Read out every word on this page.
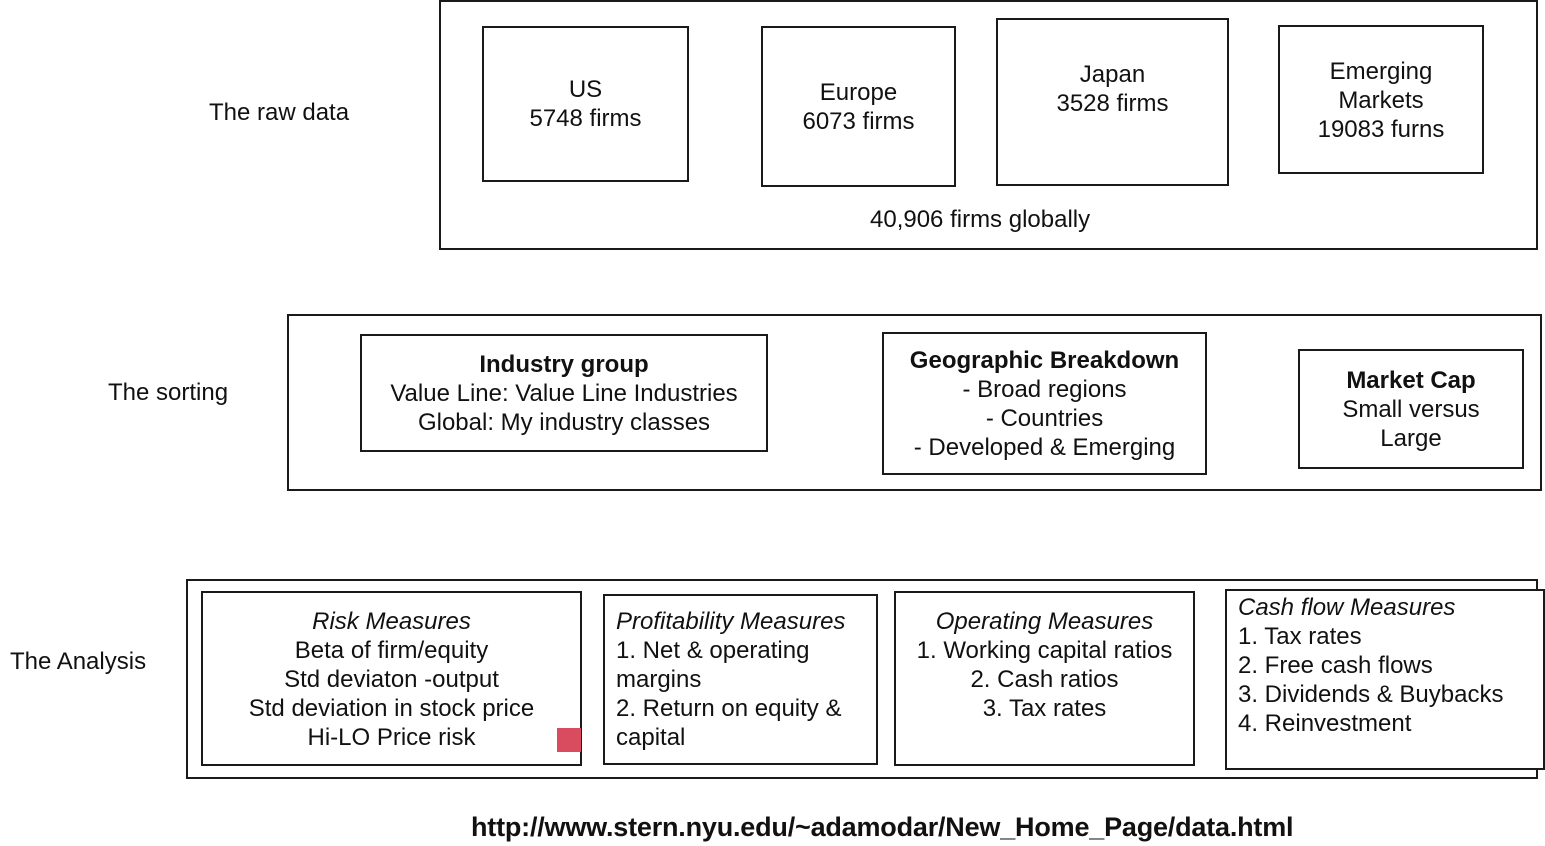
The raw data
40,906 firms globally
US
5748 firms
Europe
6073 firms
Japan
3528 firms
Emerging
Markets
19083 furns
The sorting
Industry group
Value Line: Value Line Industries
Global: My industry classes
Geographic Breakdown
- Broad regions
- Countries
- Developed & Emerging
Market Cap
Small versus
Large
The Analysis
Risk Measures
Beta of firm/equity
Std deviaton -output
Std deviation in stock price
Hi-LO Price risk
Profitability Measures
1. Net & operating
margins
2. Return on equity &
capital
Operating Measures
1. Working capital ratios
2. Cash ratios
3. Tax rates
Cash flow Measures
1. Tax rates
2. Free cash flows
3. Dividends & Buybacks
4. Reinvestment
http://www.stern.nyu.edu/~adamodar/New_Home_Page/data.html
